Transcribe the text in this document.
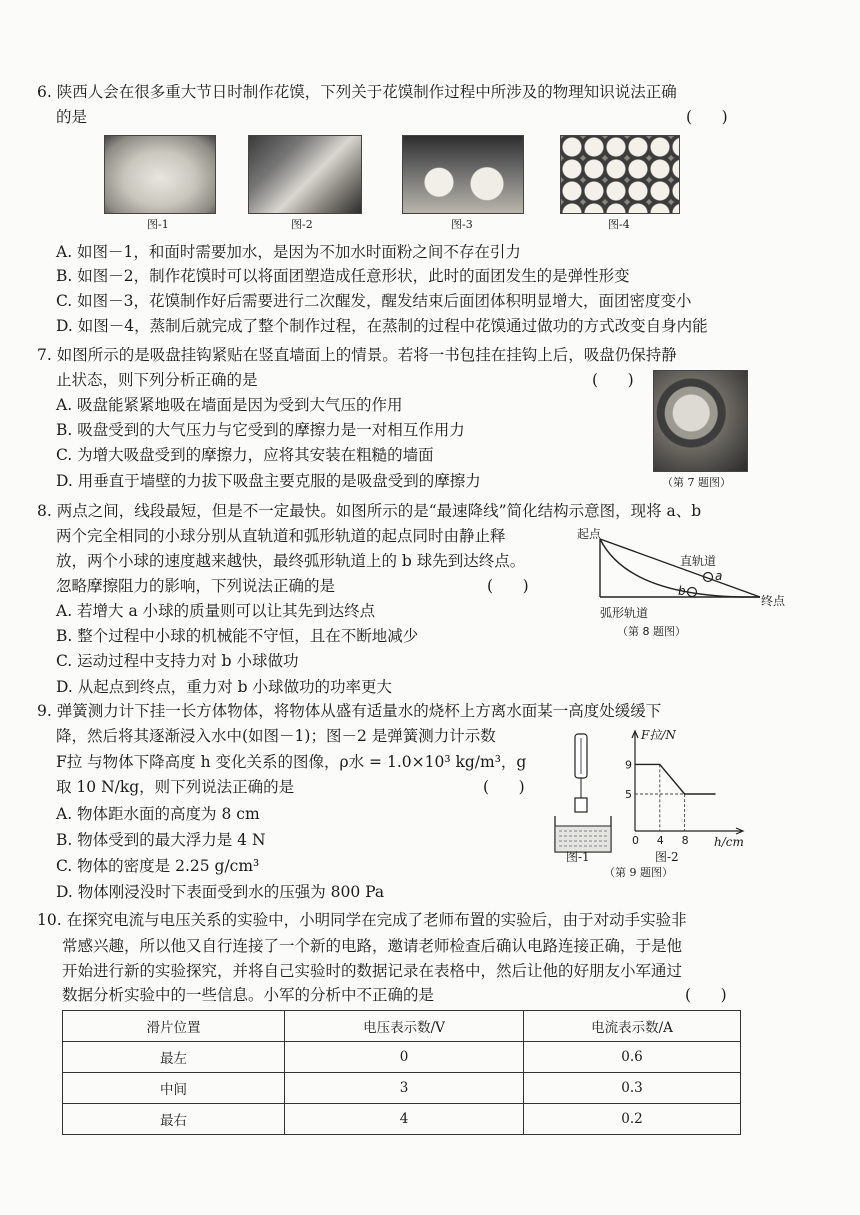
6. 陕西人会在很多重大节日时制作花馍，下列关于花馍制作过程中所涉及的物理知识说法正确
的是	(      )
图-1	图-2	图-3	图-4
A. 如图－1，和面时需要加水，是因为不加水时面粉之间不存在引力
B. 如图－2，制作花馍时可以将面团塑造成任意形状，此时的面团发生的是弹性形变
C. 如图－3，花馍制作好后需要进行二次醒发，醒发结束后面团体积明显增大，面团密度变小
D. 如图－4，蒸制后就完成了整个制作过程，在蒸制的过程中花馍通过做功的方式改变自身内能
7. 如图所示的是吸盘挂钩紧贴在竖直墙面上的情景。若将一书包挂在挂钩上后，吸盘仍保持静
止状态，则下列分析正确的是	(      )
A. 吸盘能紧紧地吸在墙面是因为受到大气压的作用
B. 吸盘受到的大气压力与它受到的摩擦力是一对相互作用力
C. 为增大吸盘受到的摩擦力，应将其安装在粗糙的墙面
D. 用垂直于墙壁的力拔下吸盘主要克服的是吸盘受到的摩擦力	（第 7 题图）
8. 两点之间，线段最短，但是不一定最快。如图所示的是“最速降线”简化结构示意图，现将 a、b
两个完全相同的小球分别从直轨道和弧形轨道的起点同时由静止释
放，两个小球的速度越来越快，最终弧形轨道上的 b 球先到达终点。
忽略摩擦阻力的影响，下列说法正确的是	(      )
A. 若增大 a 小球的质量则可以让其先到达终点
B. 整个过程中小球的机械能不守恒，且在不断地减少
C. 运动过程中支持力对 b 小球做功
D. 从起点到终点，重力对 b 小球做功的功率更大
起点
直轨道
a
b
终点
弧形轨道
（第 8 题图）
9. 弹簧测力计下挂一长方体物体，将物体从盛有适量水的烧杯上方离水面某一高度处缓缓下
降，然后将其逐渐浸入水中(如图－1)；图－2 是弹簧测力计示数
F拉 与物体下降高度 h 变化关系的图像，ρ水 = 1.0×10³ kg/m³，g
取 10 N/kg，则下列说法正确的是	(      )
A. 物体距水面的高度为 8 cm
B. 物体受到的最大浮力是 4 N
C. 物体的密度是 2.25 g/cm³
D. 物体刚浸没时下表面受到水的压强为 800 Pa
图-1
9
5
0 4 8
F拉/N
h/cm
图-2
（第 9 题图）
10. 在探究电流与电压关系的实验中，小明同学在完成了老师布置的实验后，由于对动手实验非
常感兴趣，所以他又自行连接了一个新的电路，邀请老师检查后确认电路连接正确，于是他
开始进行新的实验探究，并将自己实验时的数据记录在表格中，然后让他的好朋友小军通过
数据分析实验中的一些信息。小军的分析中不正确的是	(      )
滑片位置	电压表示数/V	电流表示数/A
最左	0	0.6
中间	3	0.3
最右	4	0.2
